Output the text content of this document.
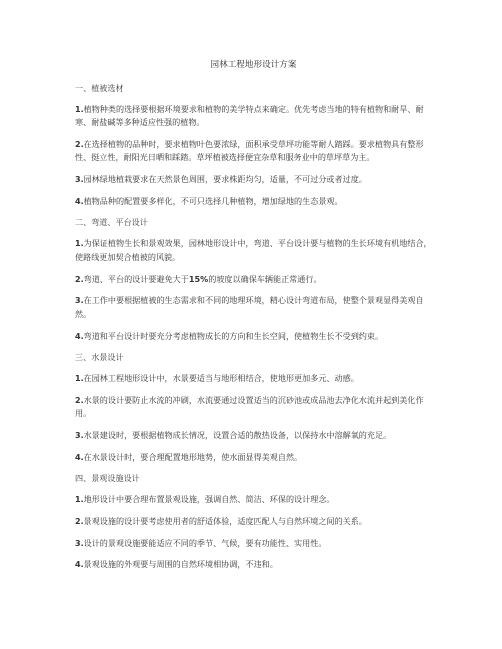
园林工程地形设计方案
一、植被选材

1.植物种类的选择要根据环境要求和植物的美学特点来确定。优先考虑当地的特有植物和耐旱、耐寒、耐盐碱等多种适应性强的植物。

2.在选择植物的品种时，要求植物叶色要浓绿，面积承受草坪功能等耐人踏踩。要求植物具有整形性、挺立性，耐阳光日晒和踩踏。草坪植被选择便宜杂草和服务业中的草坪草为主。

3.园林绿地植栽要求在天然景色周围，要求株距均匀，适量，不可过分或者过度。

4.植物品种的配置要多样化，不可只选择几种植物，增加绿地的生态景观。

二、弯道、平台设计

1.为保证植物生长和景观效果，园林地形设计中，弯道、平台设计要与植物的生长环境有机地结合，使路线更加契合植被的风貌。

2.弯道、平台的设计要避免大于15%的坡度以确保车辆能正常通行。

3.在工作中要根据植被的生态需求和不同的地理环境，精心设计弯道布局，使整个景观显得美观自然。

4.弯道和平台设计时要充分考虑植物成长的方向和生长空间，使植物生长不受到约束。

三、水景设计

1.在园林工程地形设计中，水景要适当与地形相结合，使地形更加多元、动感。

2.水景的设计要防止水流的冲刷，水流要通过设置适当的沉砂池或成品池去净化水流并起到美化作用。

3.水景建设时，要根据植物成长情况，设置合适的散热设备，以保持水中溶解氧的充足。

4.在水景设计时，要合理配置地形地势，使水面显得美观自然。

四、景观设施设计

1.地形设计中要合理布置景观设施，强调自然、简洁、环保的设计理念。

2.景观设施的设计要考虑使用者的舒适体验，适度匹配人与自然环境之间的关系。

3.设计的景观设施要能适应不同的季节、气候，要有功能性、实用性。

4.景观设施的外观要与周围的自然环境相协调，不违和。
